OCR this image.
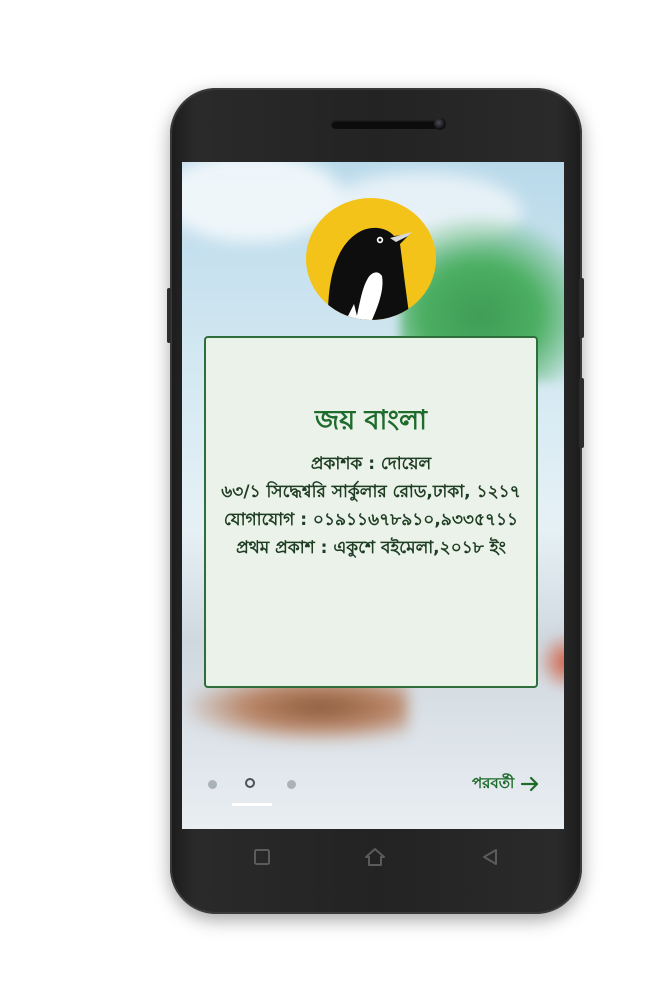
জয় বাংলা
প্রকাশক : দোয়েল
৬৩/১ সিদ্ধেশ্বরি সার্কুলার রোড,ঢাকা, ১২১৭
যোগাযোগ : ০১৯১১৬৭৮৯১০,৯৩৩৫৭১১
প্রথম প্রকাশ : একুশে বইমেলা,২০১৮ ইং
পরবর্তী
